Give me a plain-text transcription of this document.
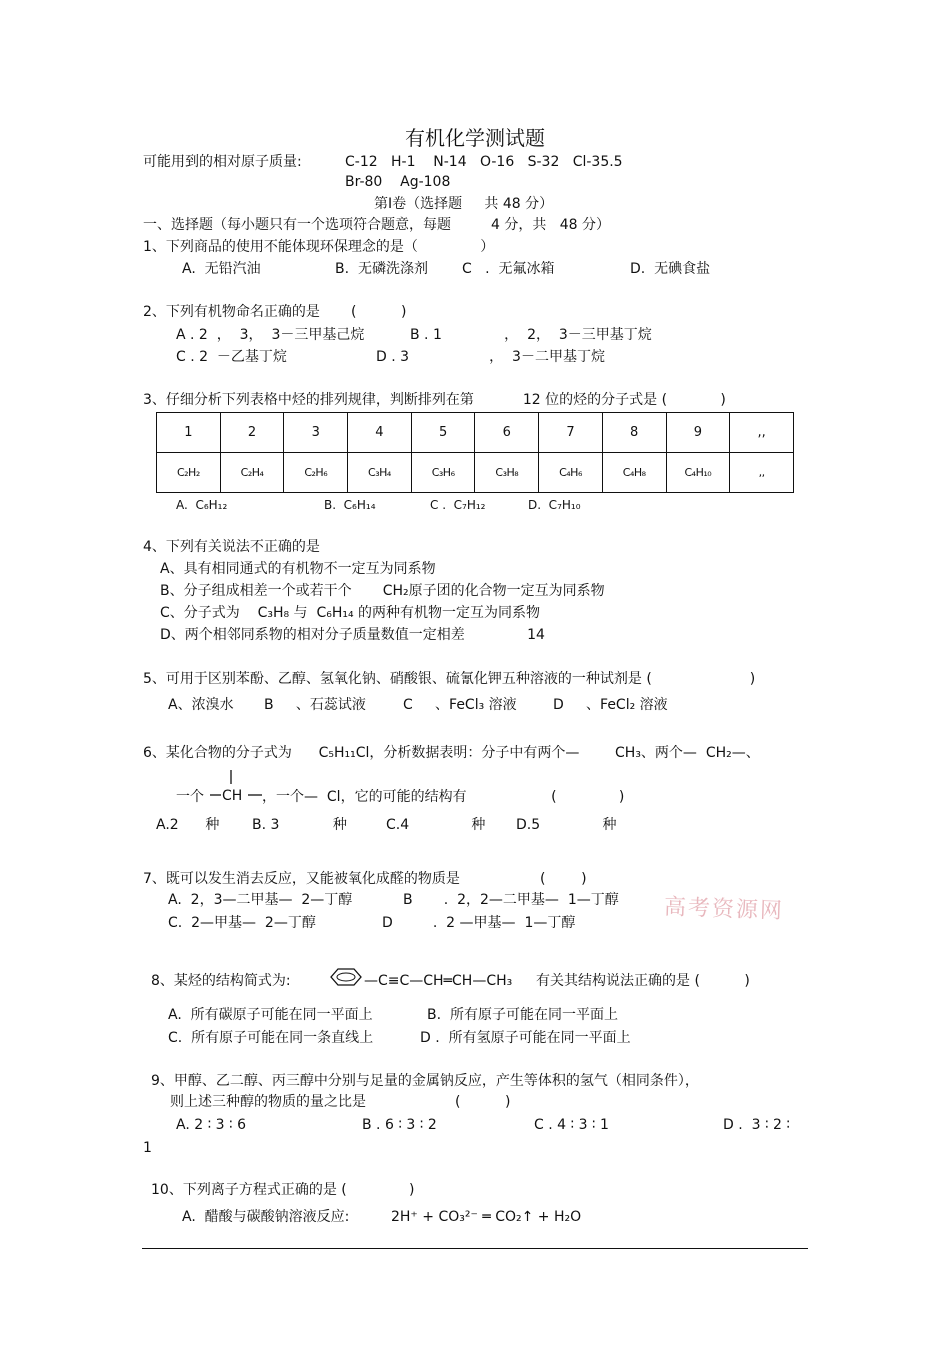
有机化学测试题
可能用到的相对原子质量:	C-12   H-1    N-14   O-16   S-32   Cl-35.5
Br-80    Ag-108
第Ⅰ卷（选择题     共 48 分）
一、选择题（每小题只有一个选项符合题意，每题         4 分，共   48 分）
1、下列商品的使用不能体现环保理念的是（              ）
A.  无铅汽油	B.  无磷洗涤剂 C   .  无氟冰箱	D.  无碘食盐
2、下列有机物命名正确的是       (          )
A . 2  ，  3，  3－三甲基己烷	B . 1              ，  2，  3－三甲基丁烷
C . 2  －乙基丁烷	D . 3                  ，  3－二甲基丁烷
3、仔细分析下列表格中烃的排列规律，判断排列在第           12 位的烃的分子式是 (            )
1	2	3	4	5	6	7	8	9	,,
C₂H₂	C₂H₄	C₂H₆	C₃H₄	C₃H₆	C₃H₈	C₄H₆	C₄H₈	C₄H₁₀	,,
A.  C₆H₁₂	B.  C₆H₁₄	C .  C₇H₁₂	D.  C₇H₁₀
4、下列有关说法不正确的是
A、具有相同通式的有机物不一定互为同系物
B、分子组成相差一个或若干个       CH₂原子团的化合物一定互为同系物
C、分子式为    C₃H₈ 与  C₆H₁₄ 的两种有机物一定互为同系物
D、两个相邻同系物的相对分子质量数值一定相差              14
5、可用于区别苯酚、乙醇、氢氧化钠、硝酸银、硫氰化钾五种溶液的一种试剂是 (                      )
A、浓溴水 B     、石蕊试液	C     、FeCl₃ 溶液	D     、FeCl₂ 溶液
6、某化合物的分子式为      C₅H₁₁Cl，分析数据表明：分子中有两个—        CH₃、两个—  CH₂—、
一个 CH ，一个—  Cl，它的可能的结构有                   (              )
A.2      种 B. 3            种	C.4              种 D.5              种
7、既可以发生消去反应，又能被氧化成醛的物质是                  (        )
A.  2，3—二甲基—  2—丁醇	B       .  2，2—二甲基—  1—丁醇
C.  2—甲基—  2—丁醇	D         .  2 —甲基—  1—丁醇	高考资源网
8、某烃的结构简式为:	—C≡C—CH═CH—CH₃ 有关其结构说法正确的是 (          )
A.  所有碳原子可能在同一平面上	B.  所有原子可能在同一平面上
C.  所有原子可能在同一条直线上	D .  所有氢原子可能在同一平面上
9、甲醇、乙二醇、丙三醇中分别与足量的金属钠反应，产生等体积的氢气（相同条件），
则上述三种醇的物质的量之比是                    (          )
A. 2 ∶ 3 ∶ 6	B . 6 ∶ 3 ∶ 2	C . 4 ∶ 3 ∶ 1	D .  3 ∶ 2 ∶
1
10、下列离子方程式正确的是 (              )
A.  醋酸与碳酸钠溶液反应:	2H⁺ + CO₃²⁻ ═ CO₂↑ + H₂O
